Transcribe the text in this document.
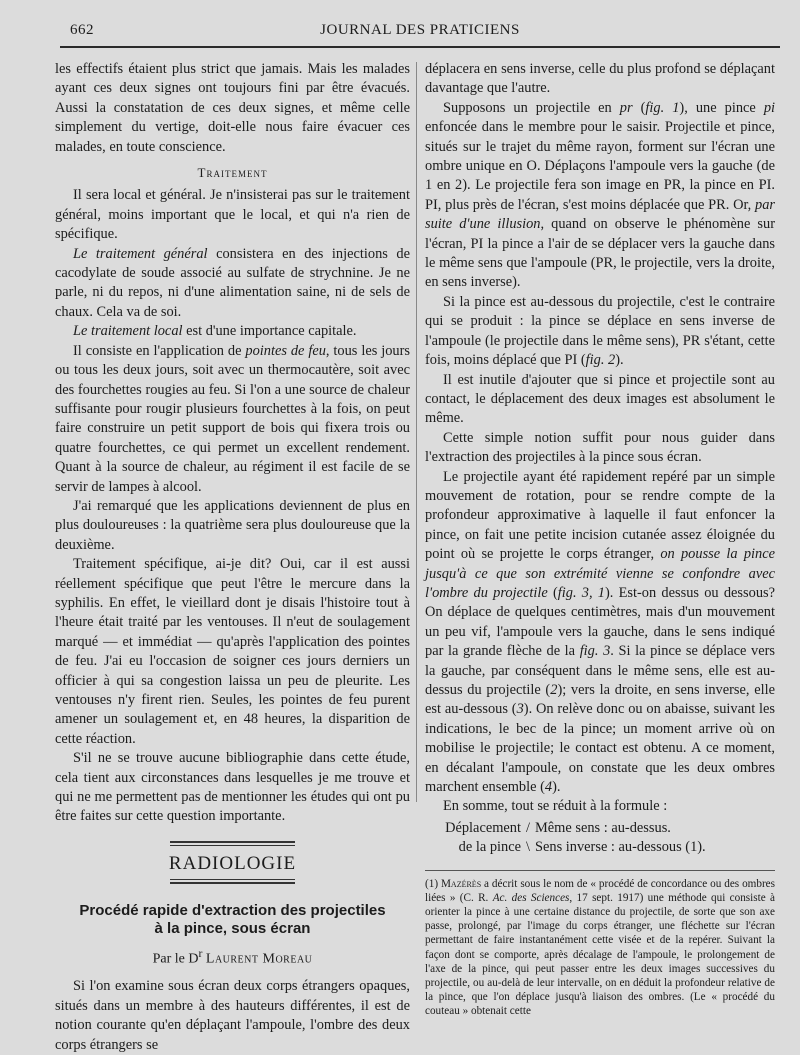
662	JOURNAL DES PRATICIENS

les effectifs étaient plus strict que jamais. Mais les malades ayant ces deux signes ont toujours fini par être évacués. Aussi la constatation de ces deux signes, et même celle simplement du vertige, doit-elle nous faire évacuer ces malades, en toute conscience.

Traitement

Il sera local et général. Je n'insisterai pas sur le traitement général, moins important que le local, et qui n'a rien de spécifique.

Le traitement général consistera en des injections de cacodylate de soude associé au sulfate de strychnine. Je ne parle, ni du repos, ni d'une alimentation saine, ni de sels de chaux. Cela va de soi.

Le traitement local est d'une importance capitale.

Il consiste en l'application de pointes de feu, tous les jours ou tous les deux jours, soit avec un thermocautère, soit avec des fourchettes rougies au feu. Si l'on a une source de chaleur suffisante pour rougir plusieurs fourchettes à la fois, on peut faire construire un petit support de bois qui fixera trois ou quatre fourchettes, ce qui permet un excellent rendement. Quant à la source de chaleur, au régiment il est facile de se servir de lampes à alcool.

J'ai remarqué que les applications deviennent de plus en plus douloureuses : la quatrième sera plus douloureuse que la deuxième.

Traitement spécifique, ai-je dit? Oui, car il est aussi réellement spécifique que peut l'être le mercure dans la syphilis. En effet, le vieillard dont je disais l'histoire tout à l'heure était traité par les ventouses. Il n'eut de soulagement marqué — et immédiat — qu'après l'application des pointes de feu. J'ai eu l'occasion de soigner ces jours derniers un officier à qui sa congestion laissa un peu de pleurite. Les ventouses n'y firent rien. Seules, les pointes de feu purent amener un soulagement et, en 48 heures, la disparition de cette réaction.

S'il ne se trouve aucune bibliographie dans cette étude, cela tient aux circonstances dans lesquelles je me trouve et qui ne me permettent pas de mentionner les études qui ont pu être faites sur cette question importante.

RADIOLOGIE
Procédé rapide d'extraction des projectiles
à la pince, sous écran
Par le $D^r$ Laurent Moreau

Si l'on examine sous écran deux corps étrangers opaques, situés dans un membre à des hauteurs différentes, il est de notion courante qu'en déplaçant l'ampoule, l'ombre des deux corps étrangers se

déplacera en sens inverse, celle du plus profond se déplaçant davantage que l'autre.

Supposons un projectile en pr (fig. 1), une pince pi enfoncée dans le membre pour le saisir. Projectile et pince, situés sur le trajet du même rayon, forment sur l'écran une ombre unique en O. Déplaçons l'ampoule vers la gauche (de 1 en 2). Le projectile fera son image en PR, la pince en PI. PI, plus près de l'écran, s'est moins déplacée que PR. Or, par suite d'une illusion, quand on observe le phénomène sur l'écran, PI la pince a l'air de se déplacer vers la gauche dans le même sens que l'ampoule (PR, le projectile, vers la droite, en sens inverse).

Si la pince est au-dessous du projectile, c'est le contraire qui se produit : la pince se déplace en sens inverse de l'ampoule (le projectile dans le même sens), PR s'étant, cette fois, moins déplacé que PI (fig. 2).

Il est inutile d'ajouter que si pince et projectile sont au contact, le déplacement des deux images est absolument le même.

Cette simple notion suffit pour nous guider dans l'extraction des projectiles à la pince sous écran.

Le projectile ayant été rapidement repéré par un simple mouvement de rotation, pour se rendre compte de la profondeur approximative à laquelle il faut enfoncer la pince, on fait une petite incision cutanée assez éloignée du point où se projette le corps étranger, on pousse la pince jusqu'à ce que son extrémité vienne se confondre avec l'ombre du projectile (fig. 3, 1). Est-on dessus ou dessous? On déplace de quelques centimètres, mais d'un mouvement un peu vif, l'ampoule vers la gauche, dans le sens indiqué par la grande flèche de la fig. 3. Si la pince se déplace vers la gauche, par conséquent dans le même sens, elle est au-dessus du projectile (2); vers la droite, en sens inverse, elle est au-dessous (3). On relève donc ou on abaisse, suivant les indications, le bec de la pince; un moment arrive où on mobilise le projectile; le contact est obtenu. A ce moment, en décalant l'ampoule, on constate que les deux ombres marchent ensemble (4).

En somme, tout se réduit à la formule :

Déplacement / Même sens : au-dessus.
de la pince \ Sens inverse : au-dessous (1).
(1) Mazérès a décrit sous le nom de « procédé de concordance ou des ombres liées » (C. R. Ac. des Sciences, 17 sept. 1917) une méthode qui consiste à orienter la pince à une certaine distance du projectile, de sorte que son axe passe, prolongé, par l'image du corps étranger, une fléchette sur l'écran permettant de faire instantanément cette visée et de la repérer. Suivant la façon dont se comporte, après décalage de l'ampoule, le prolongement de l'axe de la pince, qui peut passer entre les deux images successives du projectile, ou au-delà de leur intervalle, on en déduit la profondeur relative de la pince, que l'on déplace jusqu'à liaison des ombres. (Le « procédé du couteau » obtenait cette
